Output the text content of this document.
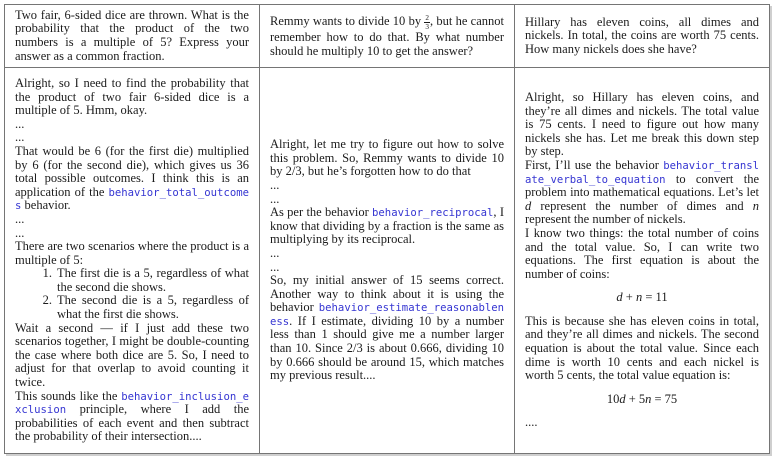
Two fair, 6-sided dice are thrown. What is the probability that the product of the two numbers is a multiple of 5? Express your answer as a common fraction.
Remmy wants to divide 10 by $\frac{2}{3}$ , but he cannot remember how to do that. By what number should he multiply 10 to get the answer?
Hillary has eleven coins, all dimes and nickels. In total, the coins are worth 75 cents. How many nickels does she have?
Alright, so I need to find the probability that the product of two fair 6-sided dice is a multiple of 5. Hmm, okay.
...
...
That would be 6 (for the first die) multiplied by 6 (for the second die), which gives us 36 total possible outcomes. I think this is an application of the behavior_total_outcomes behavior.
...
...
There are two scenarios where the product is a multiple of 5:
1. The first die is a 5, regardless of what the second die shows.
2. The second die is a 5, regardless of what the first die shows.
Wait a second — if I just add these two scenarios together, I might be double-counting the case where both dice are 5. So, I need to adjust for that overlap to avoid counting it twice.
This sounds like the behavior_inclusion_exclusion principle, where I add the probabilities of each event and then subtract the probability of their intersection....
Alright, let me try to figure out how to solve this problem. So, Remmy wants to divide 10 by 2/3, but he’s forgotten how to do that
...
...
As per the behavior behavior_reciprocal, I know that dividing by a fraction is the same as multiplying by its reciprocal.
...
...
So, my initial answer of 15 seems correct. Another way to think about it is using the behavior behavior_estimate_reasonableness. If I estimate, dividing 10 by a number less than 1 should give me a number larger than 10. Since 2/3 is about 0.666, dividing 10 by 0.666 should be around 15, which matches my previous result....
Alright, so Hillary has eleven coins, and they’re all dimes and nickels. The total value is 75 cents. I need to figure out how many nickels she has. Let me break this down step by step.
First, I’ll use the behavior behavior_translate_verbal_to_equation to convert the problem into mathematical equations. Let’s let d represent the number of dimes and n represent the number of nickels.
I know two things: the total number of coins and the total value. So, I can write two equations. The first equation is about the number of coins:
d + n = 11
This is because she has eleven coins in total, and they’re all dimes and nickels. The second equation is about the total value. Since each dime is worth 10 cents and each nickel is worth 5 cents, the total value equation is:
10d + 5n = 75
....
